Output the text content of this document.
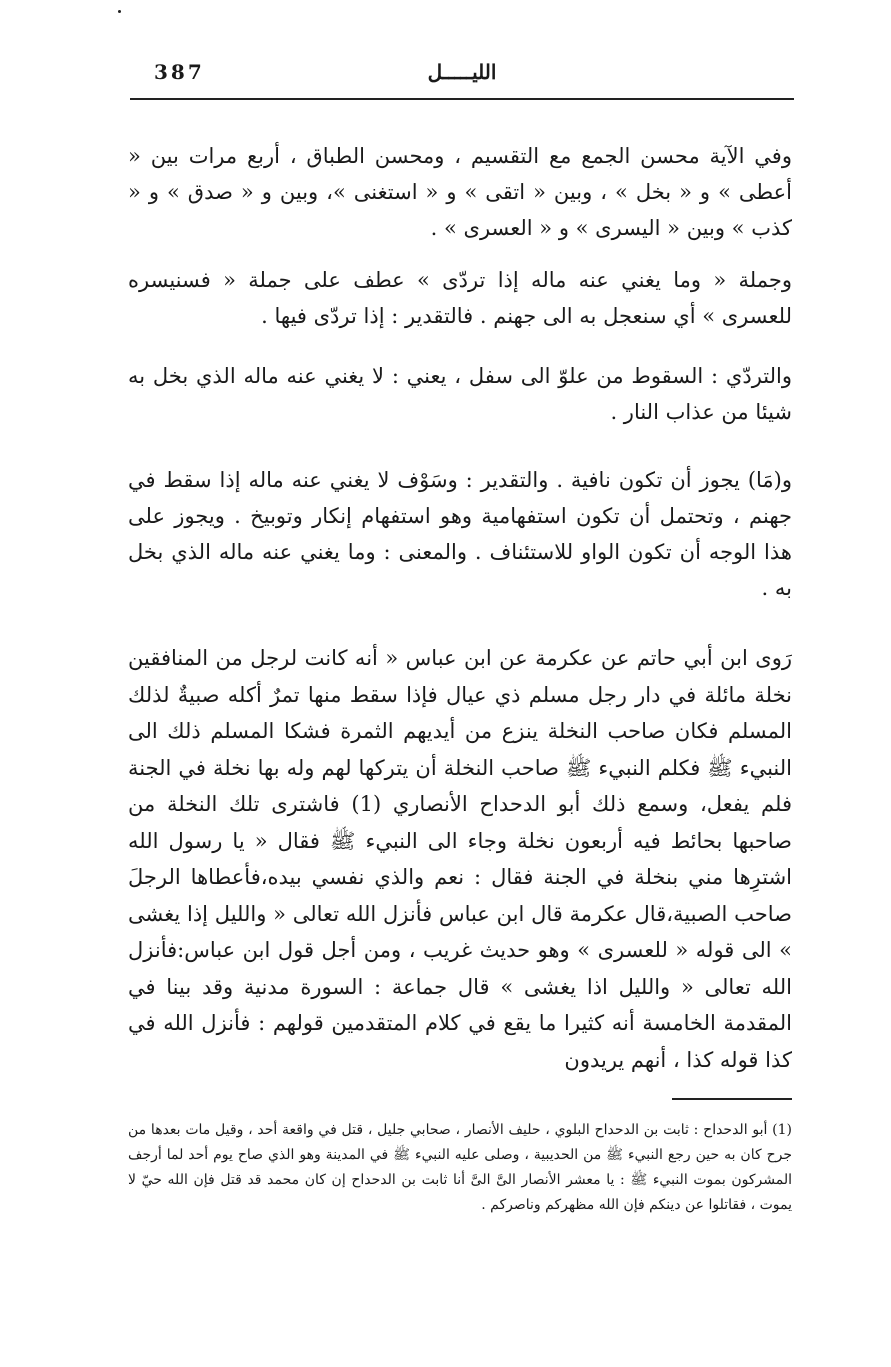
387	الليـــــل

وفي الآية محسن الجمع مع التقسيم ، ومحسن الطباق ، أربع مرات بين « أعطى » و « بخل » ، وبين « اتقى » و « استغنى »، وبين و « صدق » و « كذب » وبين « اليسرى » و « العسرى » .

وجملة « وما يغني عنه ماله إذا تردّى » عطف على جملة « فسنيسره للعسرى » أي سنعجل به الى جهنم . فالتقدير : إذا تردّى فيها .

والتردّي : السقوط من علوّ الى سفل ، يعني : لا يغني عنه ماله الذي بخل به شيئا من عذاب النار .

و(مَا) يجوز أن تكون نافية . والتقدير : وسَوْف لا يغني عنه ماله إذا سقط في جهنم ، وتحتمل أن تكون استفهامية وهو استفهام إنكار وتوبيخ . ويجوز على هذا الوجه أن تكون الواو للاستئناف . والمعنى : وما يغني عنه ماله الذي بخل به .

رَوى ابن أبي حاتم عن عكرمة عن ابن عباس « أنه كانت لرجل من المنافقين نخلة مائلة في دار رجل مسلم ذي عيال فإذا سقط منها تمرٌ أكله صبيةٌ لذلك المسلم فكان صاحب النخلة ينزع من أيديهم الثمرة فشكا المسلم ذلك الى النبيء ﷺ فكلم النبيء ﷺ صاحب النخلة أن يتركها لهم وله بها نخلة في الجنة فلم يفعل، وسمع ذلك أبو الدحداح الأنصاري (1) فاشترى تلك النخلة من صاحبها بحائط فيه أربعون نخلة وجاء الى النبيء ﷺ فقال « يا رسول الله اشترِها مني بنخلة في الجنة فقال : نعم والذي نفسي بيده،فأعطاها الرجلَ صاحب الصبية،قال عكرمة قال ابن عباس فأنزل الله تعالى « والليل إذا يغشى » الى قوله « للعسرى » وهو حديث غريب ، ومن أجل قول ابن عباس:فأنزل الله تعالى « والليل اذا يغشى » قال جماعة : السورة مدنية وقد بينا في المقدمة الخامسة أنه كثيرا ما يقع في كلام المتقدمين قولهم : فأنزل الله في كذا قوله كذا ، أنهم يريدون

(1) أبو الدحداح : ثابت بن الدحداح البلوي ، حليف الأنصار ، صحابي جليل ، قتل في واقعة أحد ، وقيل مات بعدها من جرح كان به حين رجع النبيء ﷺ من الحديبية ، وصلى عليه النبيء ﷺ في المدينة وهو الذي صاح يوم أحد لما أرجف المشركون بموت النبيء ﷺ : يا معشر الأنصار الىَّ الىَّ أنا ثابت بن الدحداح إن كان محمد قد قتل فإن الله حيّ لا يموت ، فقاتلوا عن دينكم فإن الله مظهركم وناصركم .
